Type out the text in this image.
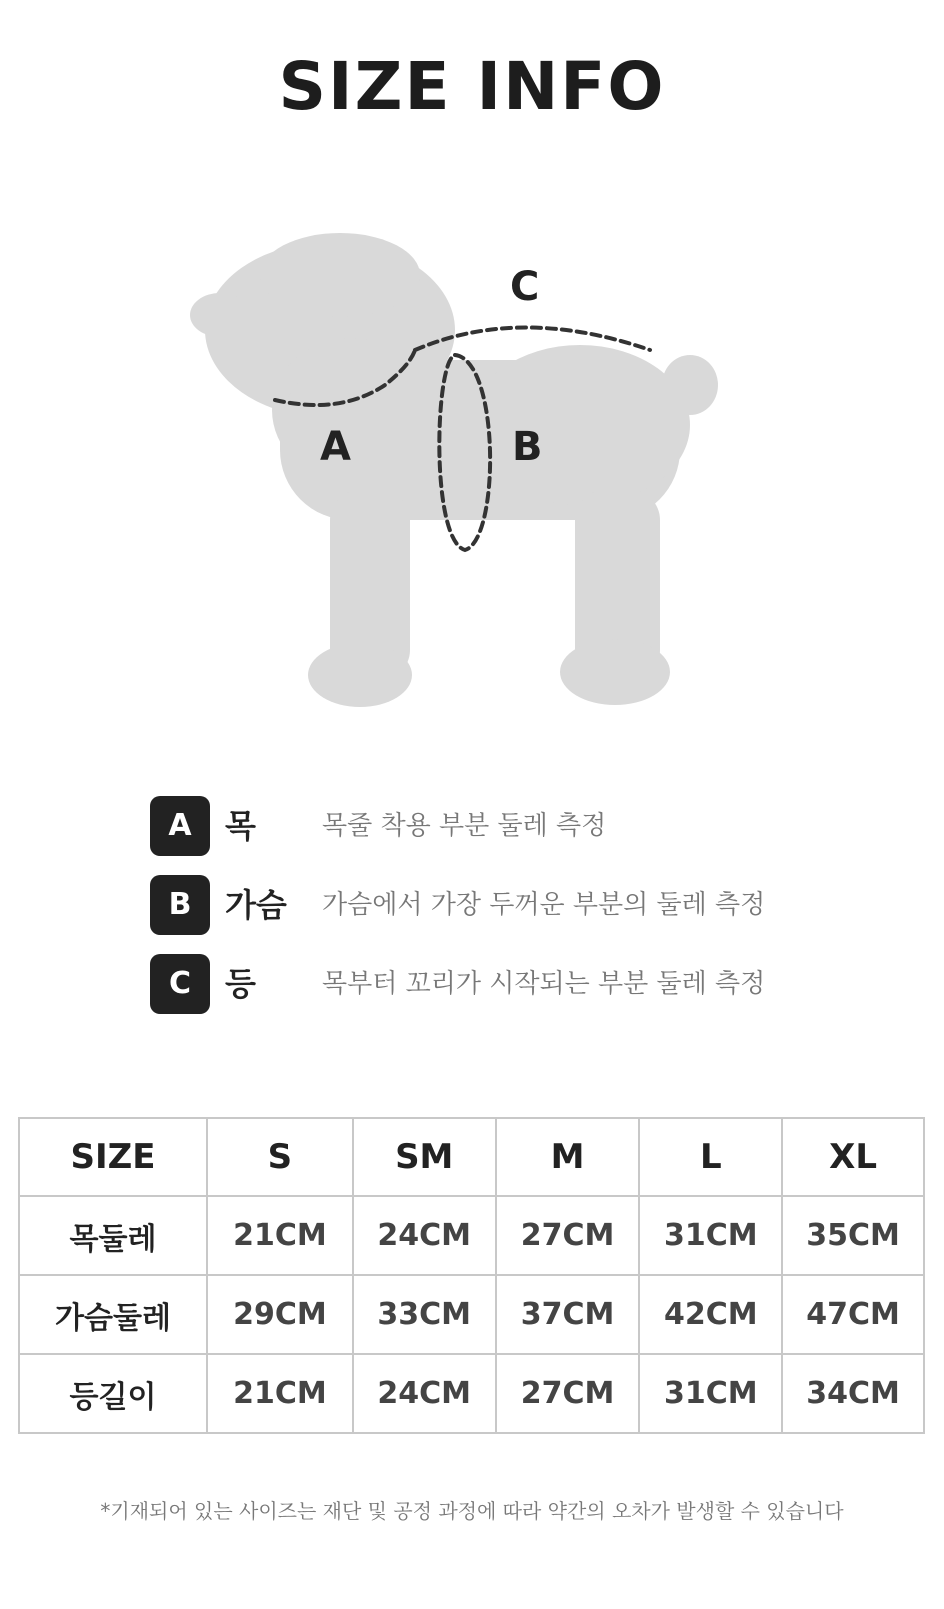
SIZE INFO
C
A	B
A	목	목줄 착용 부분 둘레 측정
B	가슴 가슴에서 가장 두꺼운 부분의 둘레 측정
C	등	목부터 꼬리가 시작되는 부분 둘레 측정
SIZE	S	SM	M	L	XL
목둘레	21CM	24CM	27CM	31CM	35CM
가슴둘레	29CM	33CM	37CM	42CM	47CM
등길이	21CM	24CM	27CM	31CM	34CM
*기재되어 있는 사이즈는 재단 및 공정 과정에 따라 약간의 오차가 발생할 수 있습니다
